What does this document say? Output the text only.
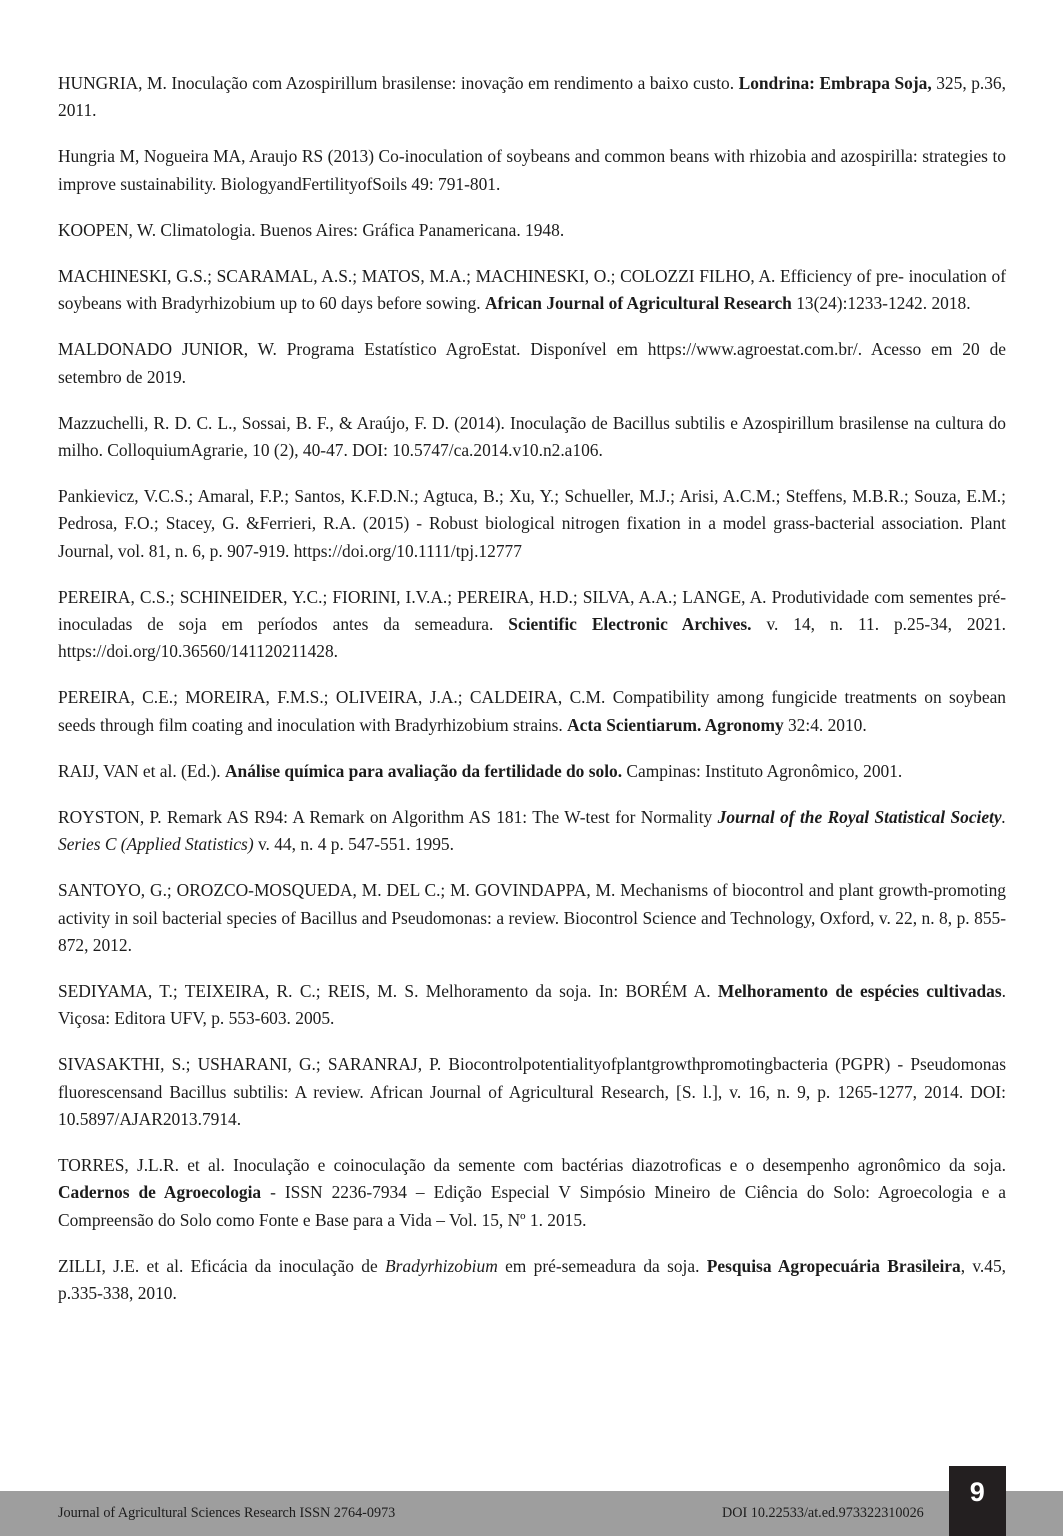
HUNGRIA, M. Inoculação com Azospirillum brasilense: inovação em rendimento a baixo custo. Londrina: Embrapa Soja, 325, p.36, 2011.

Hungria M, Nogueira MA, Araujo RS (2013) Co-inoculation of soybeans and common beans with rhizobia and azospirilla: strategies to improve sustainability. BiologyandFertilityofSoils 49: 791-801.

KOOPEN, W. Climatologia. Buenos Aires: Gráfica Panamericana. 1948.

MACHINESKI, G.S.; SCARAMAL, A.S.; MATOS, M.A.; MACHINESKI, O.; COLOZZI FILHO, A. Efficiency of pre- inoculation of soybeans with Bradyrhizobium up to 60 days before sowing. African Journal of Agricultural Research 13(24):1233-1242. 2018.

MALDONADO JUNIOR, W. Programa Estatístico AgroEstat. Disponível em https://www.agroestat.com.br/. Acesso em 20 de setembro de 2019.

Mazzuchelli, R. D. C. L., Sossai, B. F., & Araújo, F. D. (2014). Inoculação de Bacillus subtilis e Azospirillum brasilense na cultura do milho. ColloquiumAgrarie, 10 (2), 40-47. DOI: 10.5747/ca.2014.v10.n2.a106.

Pankievicz, V.C.S.; Amaral, F.P.; Santos, K.F.D.N.; Agtuca, B.; Xu, Y.; Schueller, M.J.; Arisi, A.C.M.; Steffens, M.B.R.; Souza, E.M.; Pedrosa, F.O.; Stacey, G. &Ferrieri, R.A. (2015) - Robust biological nitrogen fixation in a model grass-bacterial association. Plant Journal, vol. 81, n. 6, p. 907-919. https://doi.org/10.1111/tpj.12777

PEREIRA, C.S.; SCHINEIDER, Y.C.; FIORINI, I.V.A.; PEREIRA, H.D.; SILVA, A.A.; LANGE, A. Produtividade com sementes pré-inoculadas de soja em períodos antes da semeadura. Scientific Electronic Archives. v. 14, n. 11. p.25-34, 2021. https://doi.org/10.36560/141120211428.

PEREIRA, C.E.; MOREIRA, F.M.S.; OLIVEIRA, J.A.; CALDEIRA, C.M. Compatibility among fungicide treatments on soybean seeds through film coating and inoculation with Bradyrhizobium strains. Acta Scientiarum. Agronomy 32:4. 2010.

RAIJ, VAN et al. (Ed.). Análise química para avaliação da fertilidade do solo. Campinas: Instituto Agronômico, 2001.

ROYSTON, P. Remark AS R94: A Remark on Algorithm AS 181: The W-test for Normality Journal of the Royal Statistical Society. Series C (Applied Statistics) v. 44, n. 4 p. 547-551. 1995.

SANTOYO, G.; OROZCO-MOSQUEDA, M. DEL C.; M. GOVINDAPPA, M. Mechanisms of biocontrol and plant growth-promoting activity in soil bacterial species of Bacillus and Pseudomonas: a review. Biocontrol Science and Technology, Oxford, v. 22, n. 8, p. 855-872, 2012.

SEDIYAMA, T.; TEIXEIRA, R. C.; REIS, M. S. Melhoramento da soja. In: BORÉM A. Melhoramento de espécies cultivadas. Viçosa: Editora UFV, p. 553-603. 2005.

SIVASAKTHI, S.; USHARANI, G.; SARANRAJ, P. Biocontrolpotentialityofplantgrowthpromotingbacteria (PGPR) - Pseudomonas fluorescensand Bacillus subtilis: A review. African Journal of Agricultural Research, [S. l.], v. 16, n. 9, p. 1265-1277, 2014. DOI: 10.5897/AJAR2013.7914.

TORRES, J.L.R. et al. Inoculação e coinoculação da semente com bactérias diazotroficas e o desempenho agronômico da soja. Cadernos de Agroecologia - ISSN 2236-7934 – Edição Especial V Simpósio Mineiro de Ciência do Solo: Agroecologia e a Compreensão do Solo como Fonte e Base para a Vida – Vol. 15, Nº 1. 2015.

ZILLI, J.E. et al. Eficácia da inoculação de Bradyrhizobium em pré-semeadura da soja. Pesquisa Agropecuária Brasileira, v.45, p.335-338, 2010.

Journal of Agricultural Sciences Research ISSN 2764-0973	DOI 10.22533/at.ed.973322310026
9
